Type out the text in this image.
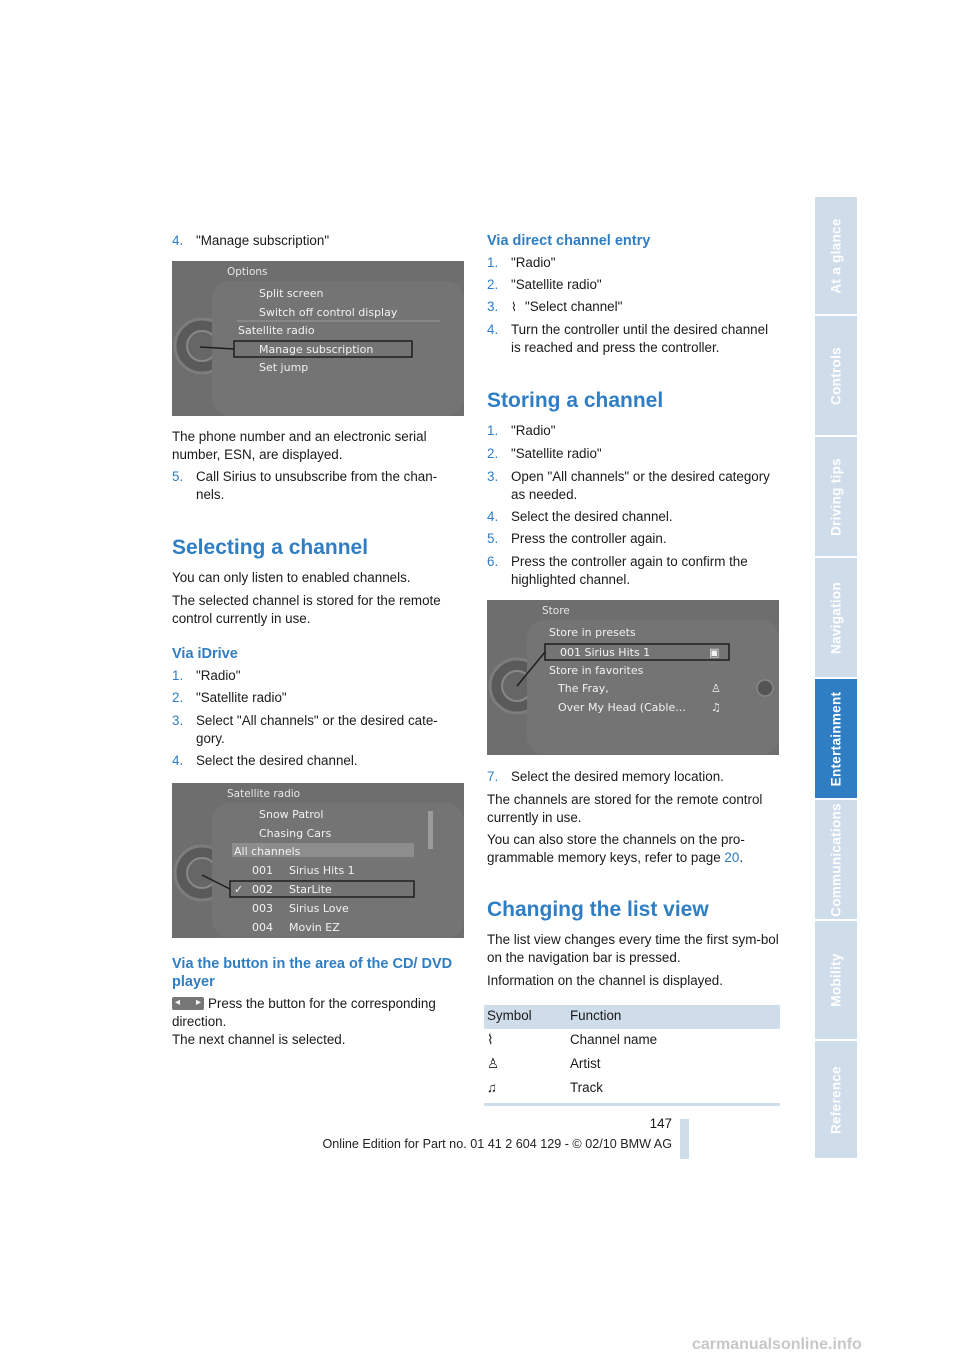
4. "Manage subscription"
Options
Split screen
Switch off control display
Satellite radio
Manage subscription
Set jump

The phone number and an electronic serial number, ESN, are displayed.

5. Call Sirius to unsubscribe from the chan-nels.
Selecting a channel

You can only listen to enabled channels.

The selected channel is stored for the remote control currently in use.

Via iDrive
1. "Radio"
2. "Satellite radio"
3. Select "All channels" or the desired cate-gory.
4. Select the desired channel.
Satellite radio
Snow Patrol
Chasing Cars
All channels
001 Sirius Hits 1
✓ 002 StarLite
003 Sirius Love
004 Movin EZ
Via the button in the area of the CD/ DVD player
◂ ▸ Press the button for the corresponding direction.

The next channel is selected.

Via direct channel entry
1. "Radio"
2. "Satellite radio"
3. ⌇ "Select channel"
4. Turn the controller until the desired channel is reached and press the controller.
Storing a channel
1. "Radio"
2. "Satellite radio"
3. Open "All channels" or the desired category as needed.
4. Select the desired channel.
5. Press the controller again.
6. Press the controller again to confirm the highlighted channel.
Store
Store in presets
001 Sirius Hits 1	▣
Store in favorites
The Fray,	♙
Over My Head (Cable... ♫
7. Select the desired memory location.

The channels are stored for the remote control currently in use.

You can also store the channels on the pro-grammable memory keys, refer to page 20.

Changing the list view

The list view changes every time the first sym-bol on the navigation bar is pressed.

Information on the channel is displayed.

Symbol	Function
⌇	Channel name
♙	Artist
♫	Track
At a glance
Controls
Driving tips
Navigation
Entertainment
Communications
Mobility
Reference
147
Online Edition for Part no. 01 41 2 604 129 - © 02/10 BMW AG
carmanualsonline.info
